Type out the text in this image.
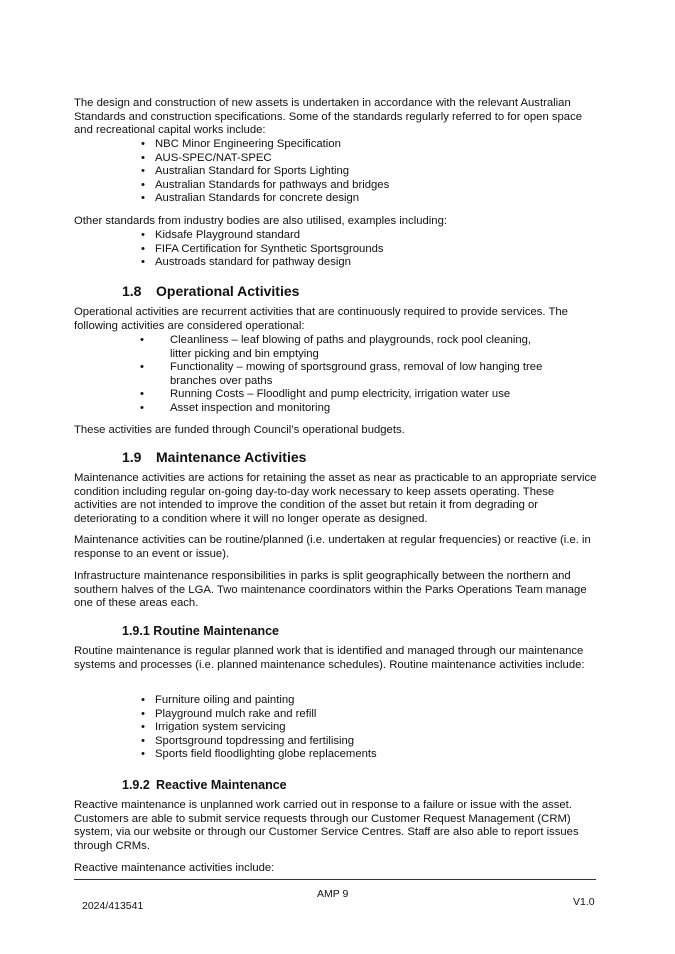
The design and construction of new assets is undertaken in accordance with the relevant Australian Standards and construction specifications. Some of the standards regularly referred to for open space and recreational capital works include:

• NBC Minor Engineering Specification
• AUS-SPEC/NAT-SPEC
• Australian Standard for Sports Lighting
• Australian Standards for pathways and bridges
• Australian Standards for concrete design

Other standards from industry bodies are also utilised, examples including:

• Kidsafe Playground standard
• FIFA Certification for Synthetic Sportsgrounds
• Austroads standard for pathway design
1.8 Operational Activities

Operational activities are recurrent activities that are continuously required to provide services. The following activities are considered operational:

•	Cleanliness – leaf blowing of paths and playgrounds, rock pool cleaning, litter picking and bin emptying
•	Functionality – mowing of sportsground grass, removal of low hanging tree branches over paths
•	Running Costs – Floodlight and pump electricity, irrigation water use
•	Asset inspection and monitoring

These activities are funded through Council’s operational budgets.

1.9 Maintenance Activities

Maintenance activities are actions for retaining the asset as near as practicable to an appropriate service condition including regular on-going day-to-day work necessary to keep assets operating. These activities are not intended to improve the condition of the asset but retain it from degrading or deteriorating to a condition where it will no longer operate as designed.

Maintenance activities can be routine/planned (i.e. undertaken at regular frequencies) or reactive (i.e. in response to an event or issue).

Infrastructure maintenance responsibilities in parks is split geographically between the northern and southern halves of the LGA. Two maintenance coordinators within the Parks Operations Team manage one of these areas each.

1.9.1 Routine Maintenance

Routine maintenance is regular planned work that is identified and managed through our maintenance systems and processes (i.e. planned maintenance schedules). Routine maintenance activities include:

• Furniture oiling and painting
• Playground mulch rake and refill
• Irrigation system servicing
• Sportsground topdressing and fertilising
• Sports field floodlighting globe replacements
1.9.2 Reactive Maintenance

Reactive maintenance is unplanned work carried out in response to a failure or issue with the asset. Customers are able to submit service requests through our Customer Request Management (CRM) system, via our website or through our Customer Service Centres. Staff are also able to report issues through CRMs.

Reactive maintenance activities include:

AMP 9
2024/413541	V1.0
